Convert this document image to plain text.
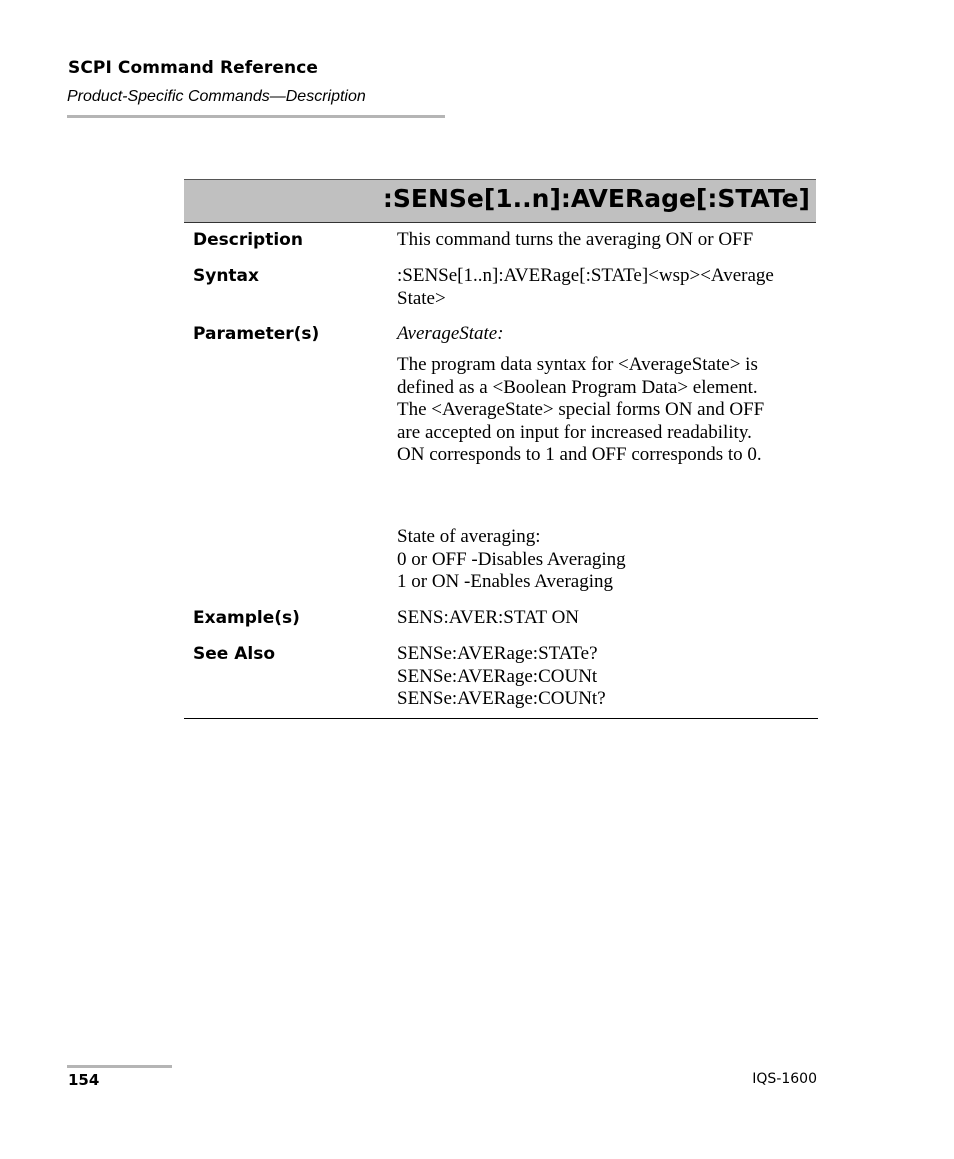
SCPI Command Reference
Product-Specific Commands—Description
:SENSe[1..n]:AVERage[:STATe]
Description	This command turns the averaging ON or OFF
Syntax	:SENSe[1..n]:AVERage[:STATe]<wsp><Average
State>
Parameter(s)	AverageState:
The program data syntax for <AverageState> is
defined as a <Boolean Program Data> element.
The <AverageState> special forms ON and OFF
are accepted on input for increased readability.
ON corresponds to 1 and OFF corresponds to 0.
State of averaging:
0 or OFF -Disables Averaging
1 or ON -Enables Averaging
Example(s)	SENS:AVER:STAT ON
See Also	SENSe:AVERage:STATe?
SENSe:AVERage:COUNt
SENSe:AVERage:COUNt?
154	IQS-1600
